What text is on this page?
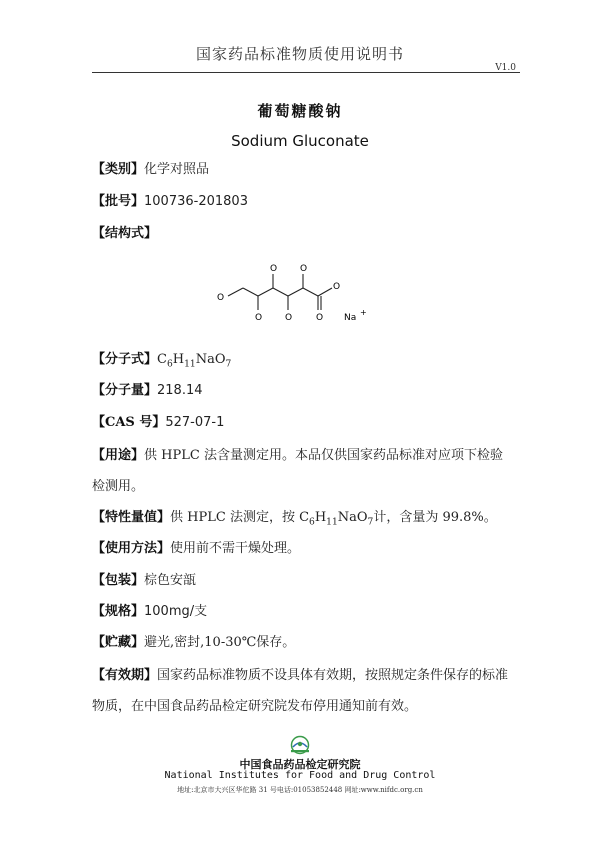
国家药品标准物质使用说明书
V1.0
葡萄糖酸钠
Sodium Gluconate
【类别】化学对照品
【批号】100736-201803
【结构式】
O
O
O
O
O
O
O
Na
+
【分子式】$C_6H_{11}NaO_7$
【分子量】218.14
【CAS 号】527-07-1
【用途】供 HPLC 法含量测定用。本品仅供国家药品标准对应项下检验检测用。
【特性量值】供 HPLC 法测定，按 $C_6H_{11}NaO_7$计，含量为 99.8%。
【使用方法】使用前不需干燥处理。
【包装】棕色安瓿
【规格】100mg/支
【贮藏】避光,密封,10-30℃保存。
【有效期】国家药品标准物质不设具体有效期，按照规定条件保存的标准物质，在中国食品药品检定研究院发布停用通知前有效。
中国食品药品检定研究院
National Institutes for Food and Drug Control
地址:北京市大兴区华佗路 31 号电话:01053852448 网址:www.nifdc.org.cn
